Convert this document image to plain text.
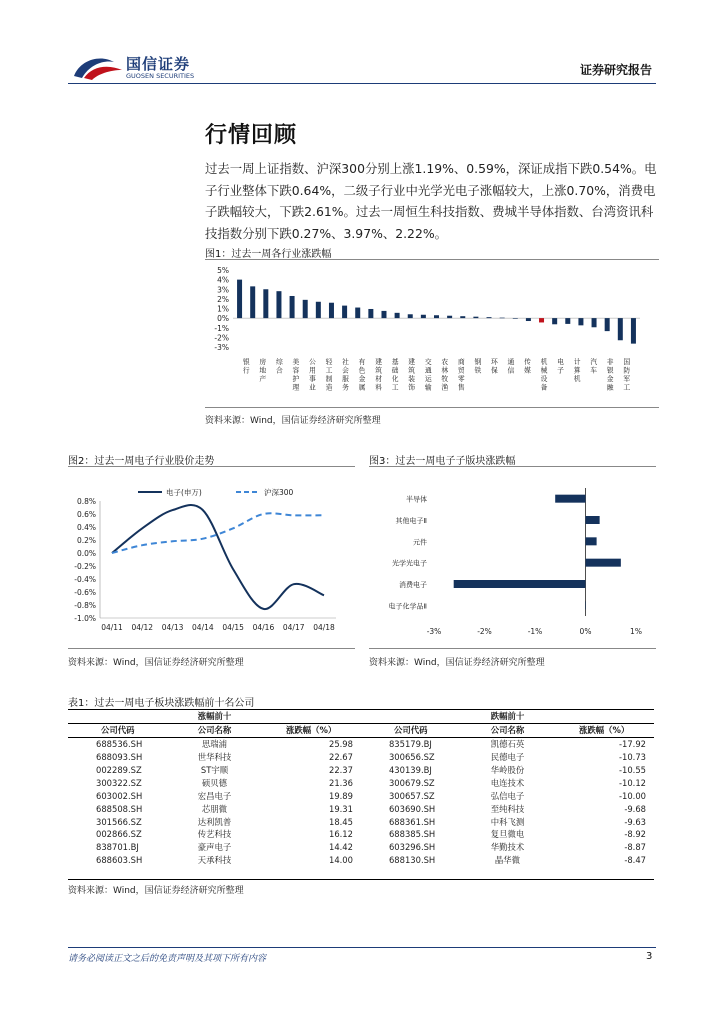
国信证券
GUOSEN SECURITIES	证券研究报告
行情回顾
过去一周上证指数、沪深300分别上涨1.19%、0.59%，深证成指下跌0.54%。电子行业整体下跌0.64%，二级子行业中光学光电子涨幅较大，上涨0.70%，消费电子跌幅较大，下跌2.61%。过去一周恒生科技指数、费城半导体指数、台湾资讯科技指数分别下跌0.27%、3.97%、2.22%。
图1：过去一周各行业涨跌幅
5%
4%
3%
2%
1%
0%
-1%
-2%
-3%
银行
房地产
综合
美容护理
公用事业
轻工制造
社会服务
有色金属
建筑材料
基础化工
建筑装饰
交通运输
农林牧渔
商贸零售
钢铁
环保
通信
传媒
机械设备
电子
计算机
汽车
非银金融
国防军工
资料来源：Wind，国信证券经济研究所整理
图2：过去一周电子行业股价走势
0.8%
0.6%
0.4%
0.2%
0.0%
-0.2%
-0.4%
-0.6%
-0.8%
-1.0%
04/11 04/12 04/13 04/14 04/15 04/16 04/17 04/18
电子(申万)	沪深300
资料来源：Wind，国信证券经济研究所整理
图3：过去一周电子子版块涨跌幅
半导体
其他电子Ⅱ
元件
光学光电子
消费电子
电子化学品Ⅱ
-3%	-2%	-1%	0%	1%
资料来源：Wind，国信证券经济研究所整理
表1：过去一周电子板块涨跌幅前十名公司
涨幅前十			跌幅前十		
公司代码	公司名称	涨跌幅（%）	公司代码	公司名称	涨跌幅（%）
688536.SH	思瑞浦	25.98	835179.BJ	凯德石英	-17.92
688093.SH	世华科技	22.67	300656.SZ	民德电子	-10.73
002289.SZ	ST宇顺	22.37	430139.BJ	华岭股份	-10.55
300322.SZ	硕贝德	21.36	300679.SZ	电连技术	-10.12
603002.SH	宏昌电子	19.89	300657.SZ	弘信电子	-10.00
688508.SH	芯朋微	19.31	603690.SH	至纯科技	-9.68
301566.SZ	达利凯普	18.45	688361.SH	中科飞测	-9.63
002866.SZ	传艺科技	16.12	688385.SH	复旦微电	-8.92
838701.BJ	豪声电子	14.42	603296.SH	华勤技术	-8.87
688603.SH	天承科技	14.00	688130.SH	晶华微	-8.47
资料来源：Wind，国信证券经济研究所整理
请务必阅读正文之后的免责声明及其项下所有内容	3
